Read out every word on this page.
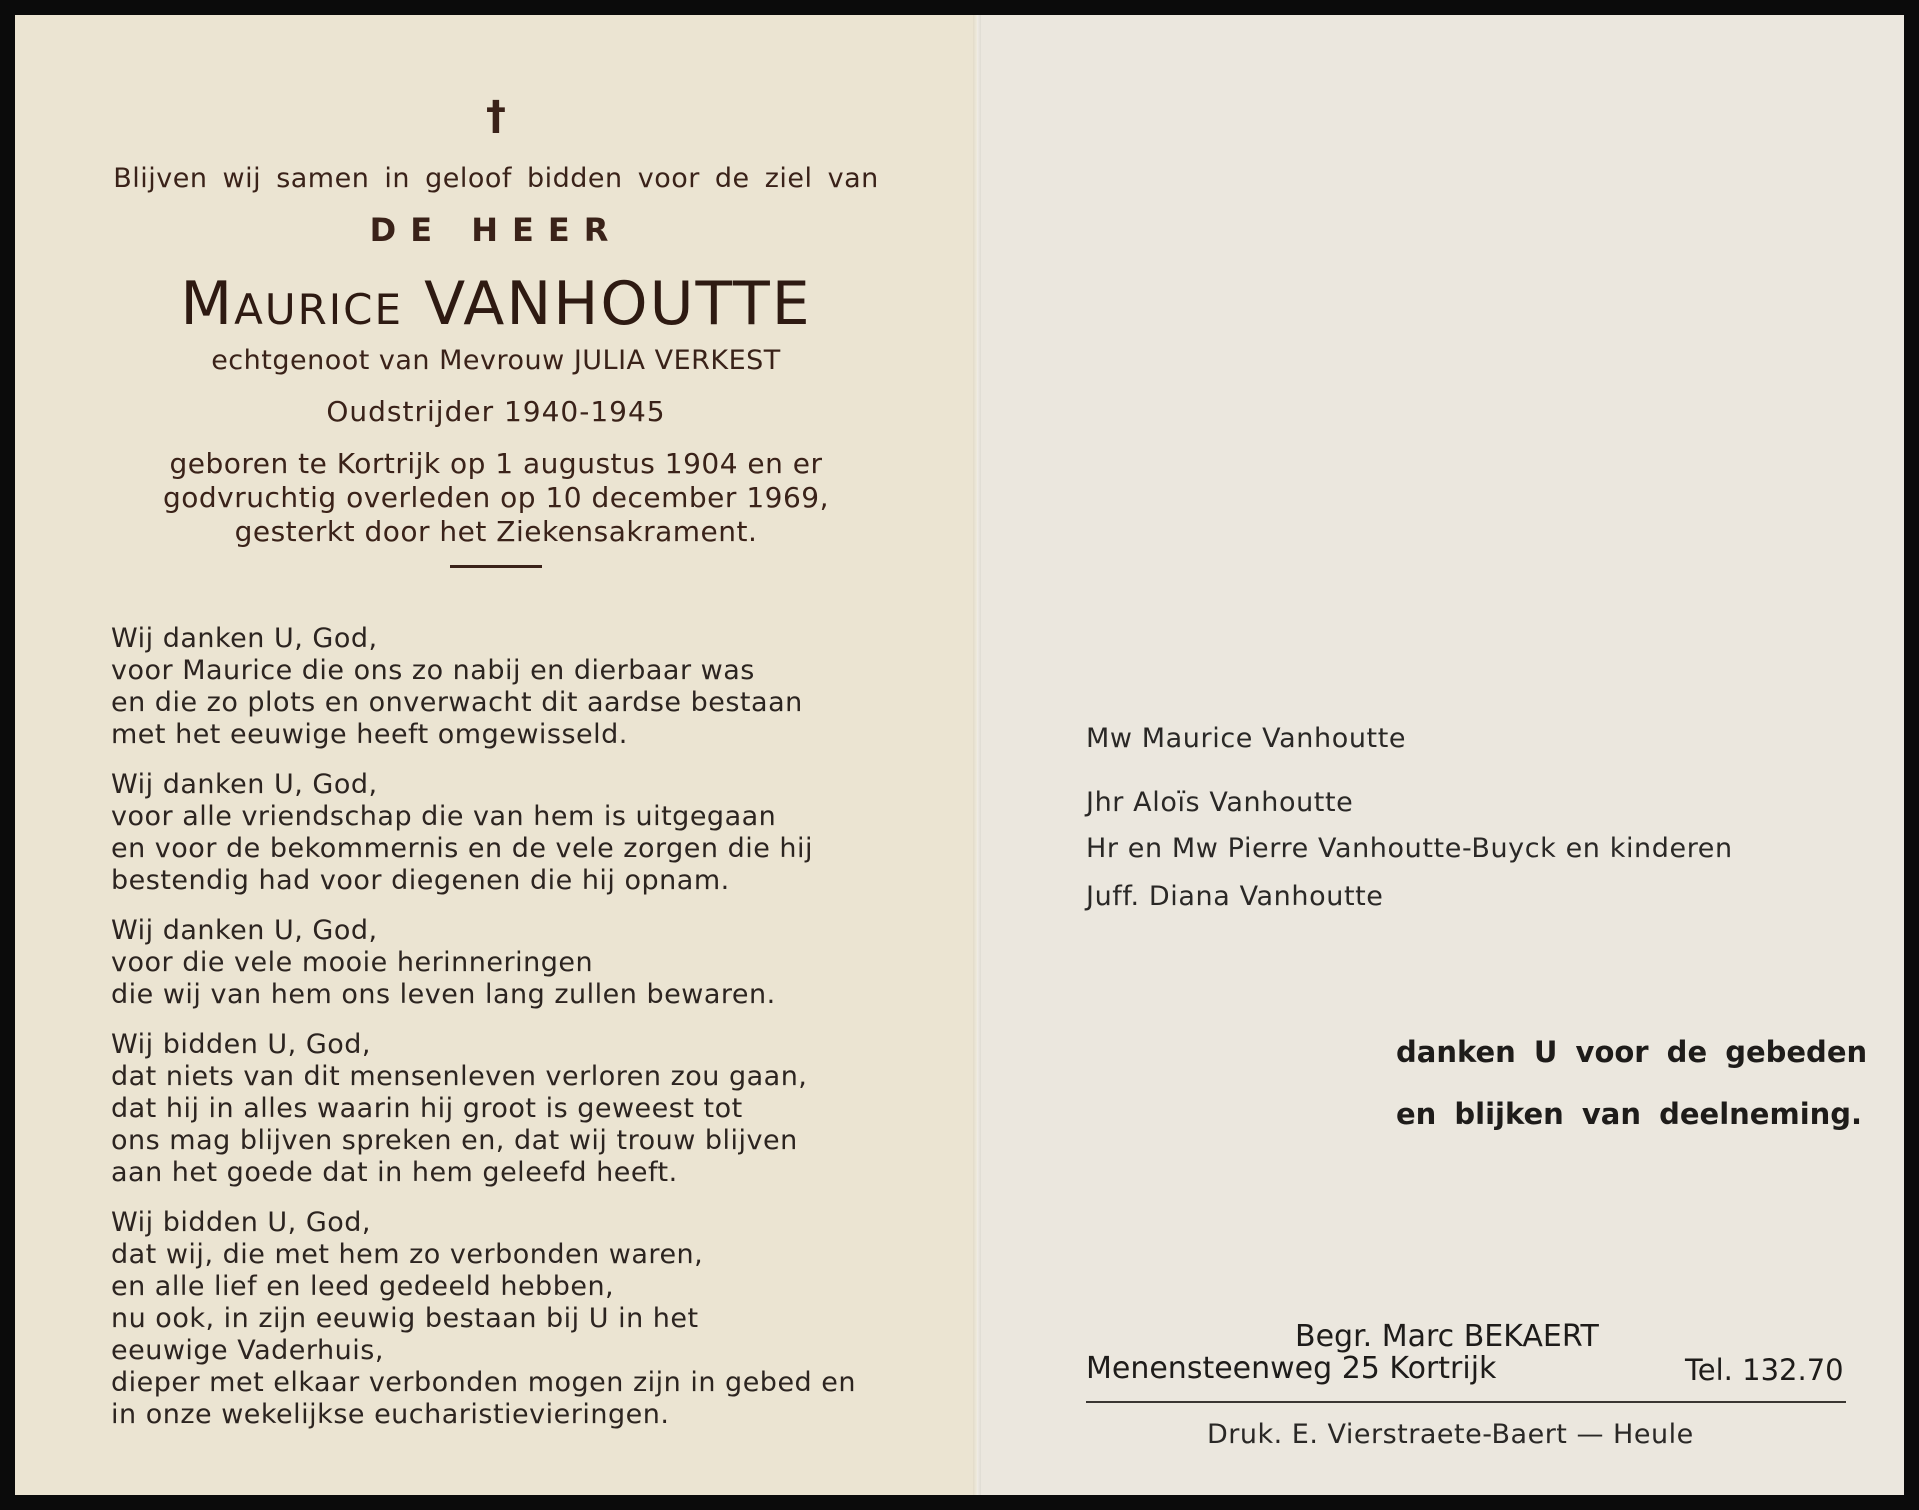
†
Blijven wij samen in geloof bidden voor de ziel van
DE HEER
Maurice VANHOUTTE
echtgenoot van Mevrouw JULIA VERKEST
Oudstrijder 1940-1945
geboren te Kortrijk op 1 augustus 1904 en er
godvruchtig overleden op 10 december 1969,
gesterkt door het Ziekensakrament.
Wij danken U, God,
voor Maurice die ons zo nabij en dierbaar was
en die zo plots en onverwacht dit aardse bestaan
met het eeuwige heeft omgewisseld.
Wij danken U, God,
voor alle vriendschap die van hem is uitgegaan
en voor de bekommernis en de vele zorgen die hij
bestendig had voor diegenen die hij opnam.
Wij danken U, God,
voor die vele mooie herinneringen
die wij van hem ons leven lang zullen bewaren.
Wij bidden U, God,
dat niets van dit mensenleven verloren zou gaan,
dat hij in alles waarin hij groot is geweest tot
ons mag blijven spreken en, dat wij trouw blijven
aan het goede dat in hem geleefd heeft.
Wij bidden U, God,
dat wij, die met hem zo verbonden waren,
en alle lief en leed gedeeld hebben,
nu ook, in zijn eeuwig bestaan bij U in het
eeuwige Vaderhuis,
dieper met elkaar verbonden mogen zijn in gebed en
in onze wekelijkse eucharistievieringen.
Mw Maurice Vanhoutte
Jhr Aloïs Vanhoutte
Hr en Mw Pierre Vanhoutte-Buyck en kinderen
Juff. Diana Vanhoutte
danken U voor de gebeden
en blijken van deelneming.
Begr. Marc BEKAERT
Menensteenweg 25 Kortrijk	Tel. 132.70
Druk. E. Vierstraete-Baert — Heule
